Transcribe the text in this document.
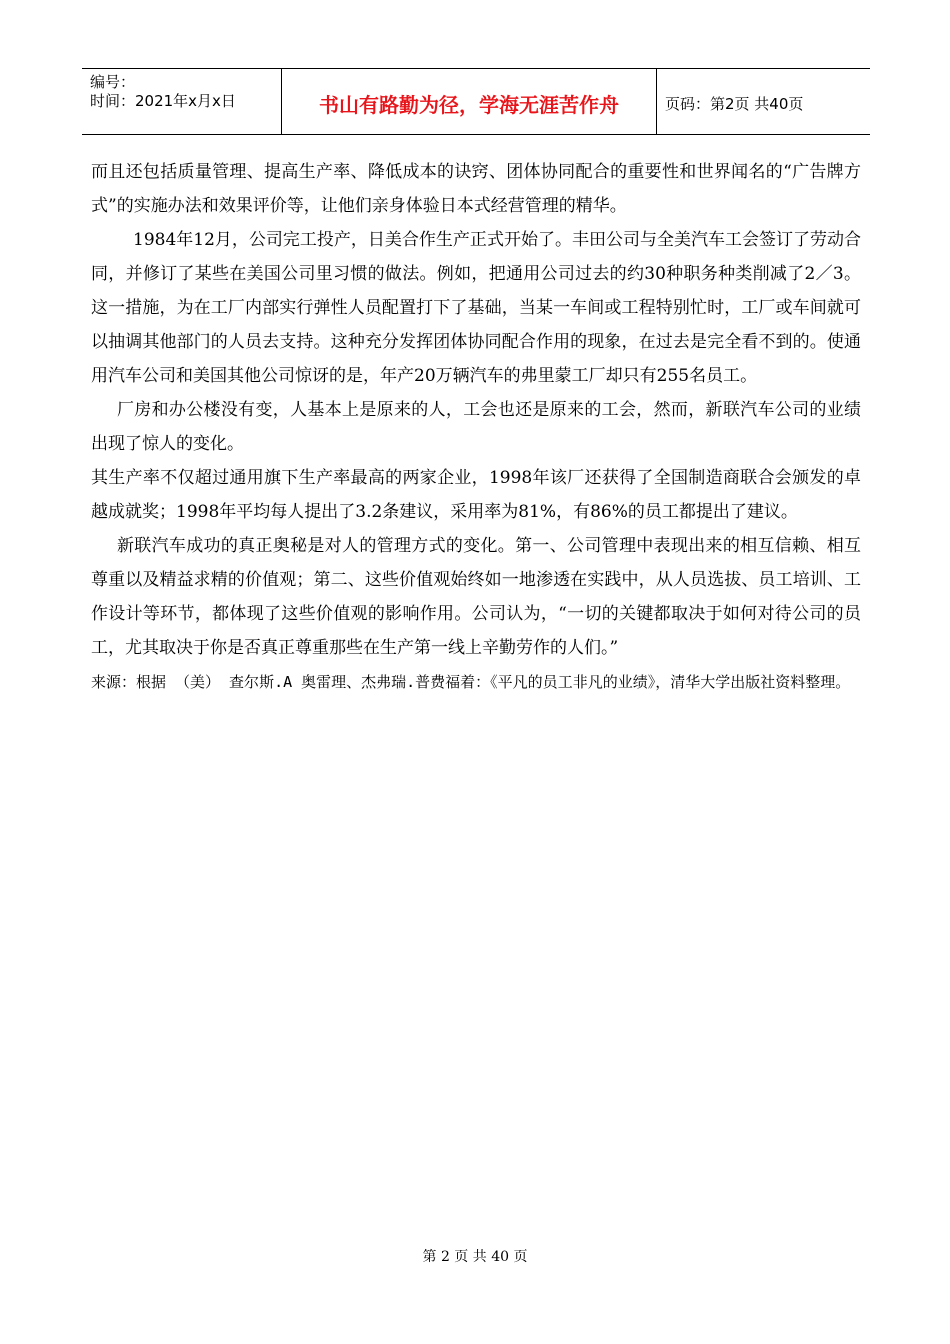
编号：
时间：2021年x月x日	书山有路勤为径，学海无涯苦作舟	页码：第2页 共40页

而且还包括质量管理、提高生产率、降低成本的诀窍、团体协同配合的重要性和世界闻名的“广告牌方式”的实施办法和效果评价等，让他们亲身体验日本式经营管理的精华。

1984年12月，公司完工投产，日美合作生产正式开始了。丰田公司与全美汽车工会签订了劳动合同，并修订了某些在美国公司里习惯的做法。例如，把通用公司过去的约30种职务种类削减了2／3。这一措施，为在工厂内部实行弹性人员配置打下了基础，当某一车间或工程特别忙时，工厂或车间就可以抽调其他部门的人员去支持。这种充分发挥团体协同配合作用的现象，在过去是完全看不到的。使通用汽车公司和美国其他公司惊讶的是，年产20万辆汽车的弗里蒙工厂却只有255名员工。

厂房和办公楼没有变，人基本上是原来的人，工会也还是原来的工会，然而，新联汽车公司的业绩出现了惊人的变化。

其生产率不仅超过通用旗下生产率最高的两家企业，1998年该厂还获得了全国制造商联合会颁发的卓越成就奖；1998年平均每人提出了3.2条建议，采用率为81%，有86%的员工都提出了建议。

新联汽车成功的真正奥秘是对人的管理方式的变化。第一、公司管理中表现出来的相互信赖、相互尊重以及精益求精的价值观；第二、这些价值观始终如一地渗透在实践中，从人员选拔、员工培训、工作设计等环节，都体现了这些价值观的影响作用。公司认为，“一切的关键都取决于如何对待公司的员工，尤其取决于你是否真正尊重那些在生产第一线上辛勤劳作的人们。”

来源：根据 （美） 查尔斯.A 奥雷理、杰弗瑞.普费福着：《平凡的员工非凡的业绩》，清华大学出版社资料整理。

第 2 页 共 40 页
